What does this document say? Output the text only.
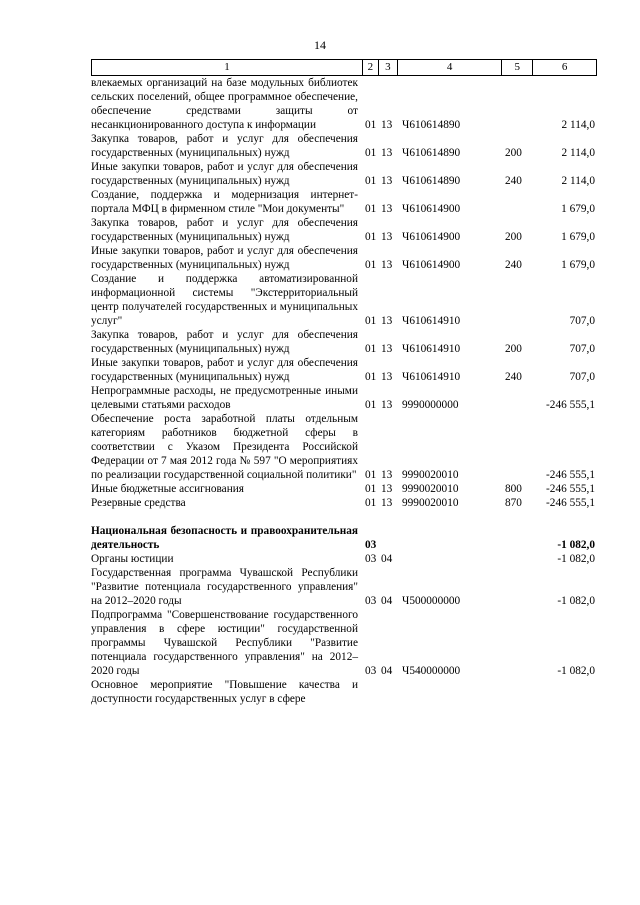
14
1	2	3	4	5	6
влекаемых организаций на базе модульных библиотек сельских поселений, общее программное обеспечение, обеспечение средствами защиты от несанкционированного доступа к информации	01 13 Ч610614890	2 114,0
Закупка товаров, работ и услуг для обеспечения государственных (муниципальных) нужд	01 13 Ч610614890	200	2 114,0
Иные закупки товаров, работ и услуг для обеспечения государственных (муниципальных) нужд	01 13 Ч610614890	240	2 114,0
Создание, поддержка и модернизация интернет-портала МФЦ в фирменном стиле "Мои документы"	01 13 Ч610614900	1 679,0
Закупка товаров, работ и услуг для обеспечения государственных (муниципальных) нужд	01 13 Ч610614900	200	1 679,0
Иные закупки товаров, работ и услуг для обеспечения государственных (муниципальных) нужд	01 13 Ч610614900	240	1 679,0
Создание и поддержка автоматизированной информационной системы "Экстерриториальный центр получателей государственных и муниципальных услуг"	01 13 Ч610614910	707,0
Закупка товаров, работ и услуг для обеспечения государственных (муниципальных) нужд	01 13 Ч610614910	200	707,0
Иные закупки товаров, работ и услуг для обеспечения государственных (муниципальных) нужд	01 13 Ч610614910	240	707,0
Непрограммные расходы, не предусмотренные иными целевыми статьями расходов	01 13 9990000000	-246 555,1
Обеспечение роста заработной платы отдельным категориям работников бюджетной сферы в соответствии с Указом Президента Российской Федерации от 7 мая 2012 года № 597 "О мероприятиях по реализации государственной социальной политики" 01 13 9990020010	-246 555,1
Иные бюджетные ассигнования	01 13 9990020010	800	-246 555,1
Резервные средства	01 13 9990020010	870	-246 555,1
Национальная безопасность и правоохранительная деятельность	03	-1 082,0
Органы юстиции	03 04	-1 082,0
Государственная программа Чувашской Республики "Развитие потенциала государственного управления" на 2012–2020 годы	03 04 Ч500000000	-1 082,0
Подпрограмма "Совершенствование государственного управления в сфере юстиции" государственной программы Чувашской Республики "Развитие потенциала государственного управления" на 2012–2020 годы	03 04 Ч540000000	-1 082,0
Основное мероприятие "Повышение качества и доступности государственных услуг в сфере
